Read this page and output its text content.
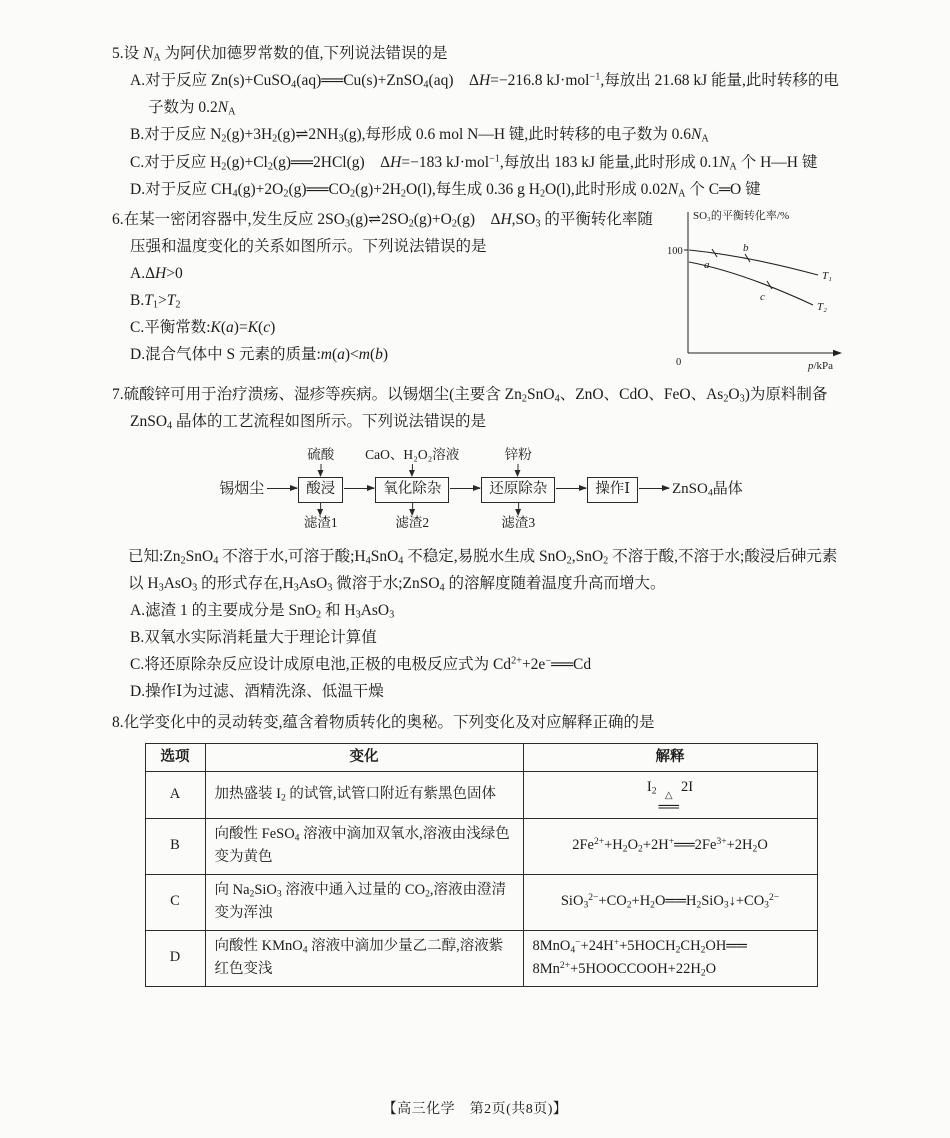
5.设 $N_A$ 为阿伏加德罗常数的值,下列说法错误的是

A.对于反应 Zn(s)+CuSO$_4$(aq)══Cu(s)+ZnSO$_4$(aq)　ΔH=−216.8 kJ·mol$^{-1}$,每放出 21.68 kJ 能量,此时转移的电子数为 $0.2N_A$

B.对于反应 $N_2(g)+3H_2(g)\rightleftharpoons 2NH_3(g)$,每形成 0.6 mol N—H 键,此时转移的电子数为 $0.6N_A$

C.对于反应 $H_2(g)+Cl_2(g)══2HCl(g)$　ΔH=−183 kJ·mol$^{-1}$,每放出 183 kJ 能量,此时形成 $0.1N_A$ 个 H—H 键

D.对于反应 $CH_4(g)+2O_2(g)══CO_2(g)+2H_2O(l)$,每生成 0.36 g $H_2O(l)$,此时形成 $0.02N_A$ 个 C═O 键

SO₃的平衡转化率/%
100
T₁
T₂
a
b
c
0	p/kPa

6.在某一密闭容器中,发生反应 $2SO_3(g)\rightleftharpoons 2SO_2(g)+O_2(g)$　$\Delta H,SO_3$ 的平衡转化率随压强和温度变化的关系如图所示。下列说法错误的是

A.ΔH>0

$B.T_1>T_2$

C.平衡常数:K(a)=K(c)

D.混合气体中 S 元素的质量:m(a)<m(b)

7.硫酸锌可用于治疗溃疡、湿疹等疾病。以锡烟尘(主要含 $Zn_2SnO_4$、ZnO、CdO、FeO、$As_2O_3$)为原料制备 ZnSO$_4$ 晶体的工艺流程如图所示。下列说法错误的是

锡烟尘
硫酸
酸浸
滤渣1
CaO、H₂O₂溶液
氧化除杂
滤渣2
锌粉
还原除杂
滤渣3
操作Ⅰ	ZnSO$_4$晶体

已知$:Zn_2SnO_4$ 不溶于水,可溶于酸$;H_4SnO_4$ 不稳定,易脱水生成 SnO$_2$,SnO$_2$ 不溶于酸,不溶于水;酸浸后砷元素以 $H_3AsO_3$ 的形式存在$,H_3AsO_3$ 微溶于水;ZnSO$_4$ 的溶解度随着温度升高而增大。

A.滤渣 1 的主要成分是 SnO$_2$ 和 $H_3AsO_3$

B.双氧水实际消耗量大于理论计算值

C.将还原除杂反应设计成原电池,正极的电极反应式为 $Cd^{2+}+2e^-══Cd$

D.操作Ⅰ为过滤、酒精洗涤、低温干燥

8.化学变化中的灵动转变,蕴含着物质转化的奥秘。下列变化及对应解释正确的是

选项	变化	解释
A	加热盛装 $I_2$ 的试管,试管口附近有紫黑色固体	$I_2$ △
══
2I
B	向酸性 FeSO$_4$ 溶液中滴加双氧水,溶液由浅绿色变为黄色	$2Fe^{2+}+H_2O_2+2H^+══2Fe^{3+}+2H_2O$
C	向 $Na_2SiO_3$ 溶液中通入过量的 $CO_2$,溶液由澄清变为浑浊	$SiO_3^{2-}+CO_2+H_2O══H_2SiO_3↓+CO_3^{2-}$
D	向酸性 KMnO$_4$ 溶液中滴加少量乙二醇,溶液紫红色变浅	$8MnO_4^-+24H^++5HOCH_2CH_2OH══$
$8Mn^{2+}+5HOOCCOOH+22H_2O$
【高三化学　第2页(共8页)】
